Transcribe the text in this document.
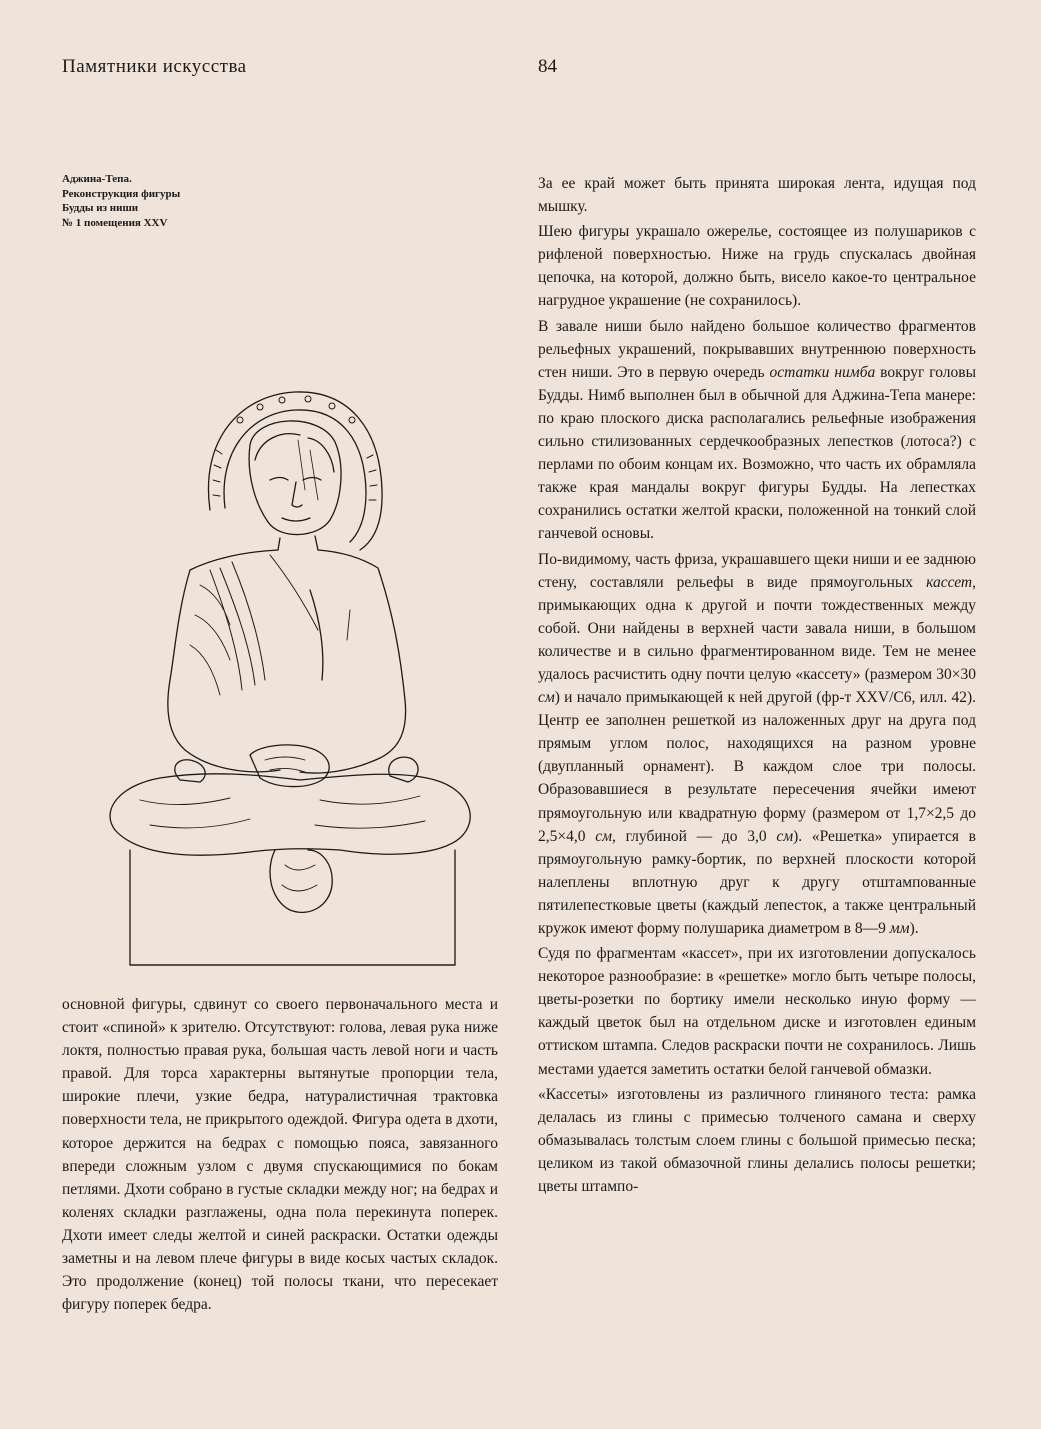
Памятники искусства	84
Аджина-Тепа.
Реконструкция фигуры
Будды из ниши
№ 1 помещения XXV

основной фигуры, сдвинут со своего первоначального места и стоит «спиной» к зрителю. Отсутствуют: голова, левая рука ниже локтя, полностью правая рука, большая часть левой ноги и часть правой. Для торса характерны вытянутые пропорции тела, широкие плечи, узкие бедра, натуралистичная трактовка поверхности тела, не прикрытого одеждой. Фигура одета в дхоти, которое держится на бедрах с помощью пояса, завязанного впереди сложным узлом с двумя спускающимися по бокам петлями. Дхоти собрано в густые складки между ног; на бедрах и коленях складки разглажены, одна пола перекинута поперек. Дхоти имеет следы желтой и синей раскраски. Остатки одежды заметны и на левом плече фигуры в виде косых частых складок. Это продолжение (конец) той полосы ткани, что пересекает фигуру поперек бедра.

За ее край может быть принята широкая лента, идущая под мышку.

Шею фигуры украшало ожерелье, состоящее из полушариков с рифленой поверхностью. Ниже на грудь спускалась двойная цепочка, на которой, должно быть, висело какое-то центральное нагрудное украшение (не сохранилось).

В завале ниши было найдено большое количество фрагментов рельефных украшений, покрывавших внутреннюю поверхность стен ниши. Это в первую очередь остатки нимба вокруг головы Будды. Нимб выполнен был в обычной для Аджина-Тепа манере: по краю плоского диска располагались рельефные изображения сильно стилизованных сердечкообразных лепестков (лотоса?) с перлами по обоим концам их. Возможно, что часть их обрамляла также края мандалы вокруг фигуры Будды. На лепестках сохранились остатки желтой краски, положенной на тонкий слой ганчевой основы.

По-видимому, часть фриза, украшавшего щеки ниши и ее заднюю стену, составляли рельефы в виде прямоугольных кассет, примыкающих одна к другой и почти тождественных между собой. Они найдены в верхней части завала ниши, в большом количестве и в сильно фрагментированном виде. Тем не менее удалось расчистить одну почти целую «кассету» (размером 30×30 см) и начало примыкающей к ней другой (фр-т XXV/С6, илл. 42). Центр ее заполнен решеткой из наложенных друг на друга под прямым углом полос, находящихся на разном уровне (двупланный орнамент). В каждом слое три полосы. Образовавшиеся в результате пересечения ячейки имеют прямоугольную или квадратную форму (размером от 1,7×2,5 до 2,5×4,0 см, глубиной — до 3,0 см). «Решетка» упирается в прямоугольную рамку-бортик, по верхней плоскости которой налеплены вплотную друг к другу отштампованные пятилепестковые цветы (каждый лепесток, а также центральный кружок имеют форму полушарика диаметром в 8—9 мм).

Судя по фрагментам «кассет», при их изготовлении допускалось некоторое разнообразие: в «решетке» могло быть четыре полосы, цветы-розетки по бортику имели несколько иную форму — каждый цветок был на отдельном диске и изготовлен единым оттиском штампа. Следов раскраски почти не сохранилось. Лишь местами удается заметить остатки белой ганчевой обмазки.

«Кассеты» изготовлены из различного глиняного теста: рамка делалась из глины с примесью толченого самана и сверху обмазывалась толстым слоем глины с большой примесью песка; целиком из такой обмазочной глины делались полосы решетки; цветы штампо-
